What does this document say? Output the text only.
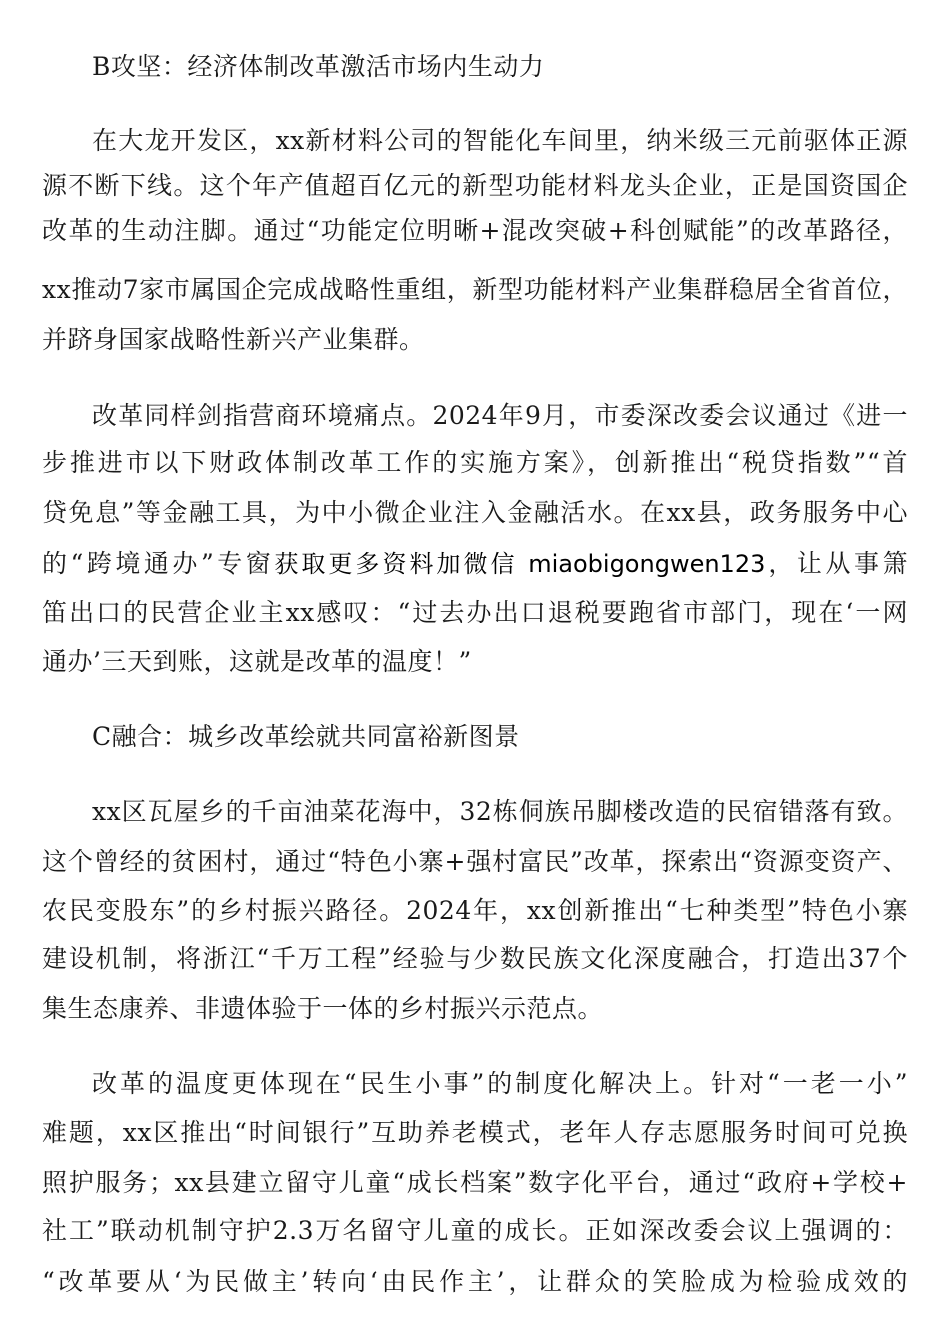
B攻坚：经济体制改革激活市场内生动力

在大龙开发区，xx新材料公司的智能化车间里，纳米级三元前驱体正源

源不断下线。这个年产值超百亿元的新型功能材料龙头企业，正是国资国企

改革的生动注脚。通过“功能定位明晰+混改突破+科创赋能”的改革路径，

xx推动7家市属国企完成战略性重组，新型功能材料产业集群稳居全省首位，

并跻身国家战略性新兴产业集群。

改革同样剑指营商环境痛点。2024年9月，市委深改委会议通过《进一

步推进市以下财政体制改革工作的实施方案》，创新推出“税贷指数”“首

贷免息”等金融工具，为中小微企业注入金融活水。在xx县，政务服务中心

的“跨境通办”专窗获取更多资料加微信 miaobigongwen123，让从事箫

笛出口的民营企业主xx感叹：“过去办出口退税要跑省市部门，现在‘一网

通办’三天到账，这就是改革的温度！”

C融合：城乡改革绘就共同富裕新图景

xx区瓦屋乡的千亩油菜花海中，32栋侗族吊脚楼改造的民宿错落有致。

这个曾经的贫困村，通过“特色小寨+强村富民”改革，探索出“资源变资产、

农民变股东”的乡村振兴路径。2024年，xx创新推出“七种类型”特色小寨

建设机制，将浙江“千万工程”经验与少数民族文化深度融合，打造出37个

集生态康养、非遗体验于一体的乡村振兴示范点。

改革的温度更体现在“民生小事”的制度化解决上。针对“一老一小”

难题，xx区推出“时间银行”互助养老模式，老年人存志愿服务时间可兑换

照护服务；xx县建立留守儿童“成长档案”数字化平台，通过“政府+学校+

社工”联动机制守护2.3万名留守儿童的成长。正如深改委会议上强调的：

“改革要从‘为民做主’转向‘由民作主’，让群众的笑脸成为检验成效的
